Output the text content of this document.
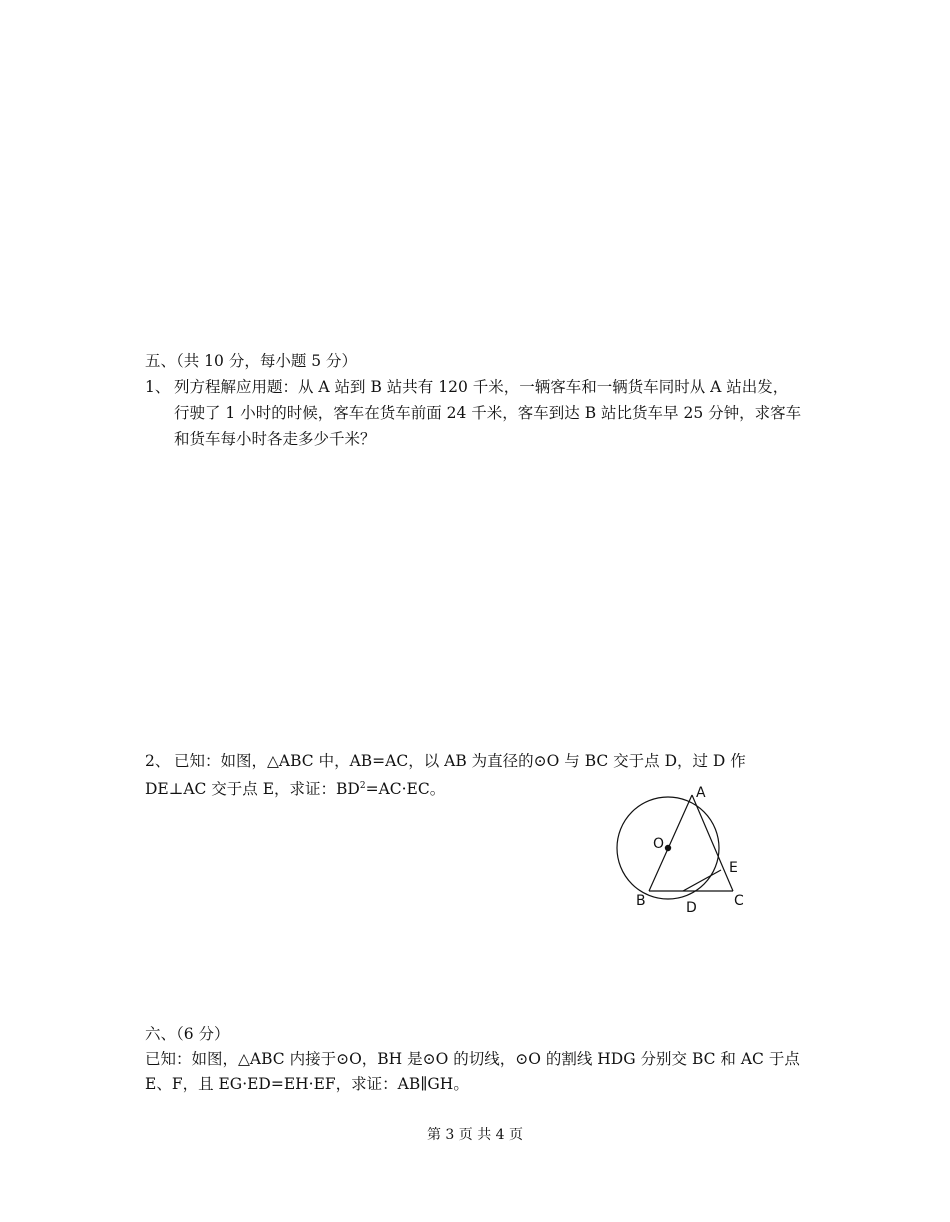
五、（共 10 分，每小题 5 分）
1、 列方程解应用题：从 A 站到 B 站共有 120 千米，一辆客车和一辆货车同时从 A 站出发，
行驶了 1 小时的时候，客车在货车前面 24 千米，客车到达 B 站比货车早 25 分钟，求客车
和货车每小时各走多少千米？
2、 已知：如图，△ABC 中，AB=AC，以 AB 为直径的⊙O 与 BC 交于点 D，过 D 作
DE⊥AC 交于点 E，求证：$BD^2=AC\cdot EC$。	A
O
E
B	D	C
六、（6 分）
已知：如图，△ABC 内接于⊙O，BH 是⊙O 的切线，⊙O 的割线 HDG 分别交 BC 和 AC 于点
E、F，且 EG·ED=EH·EF，求证：AB∥GH。
第 3 页 共 4 页
